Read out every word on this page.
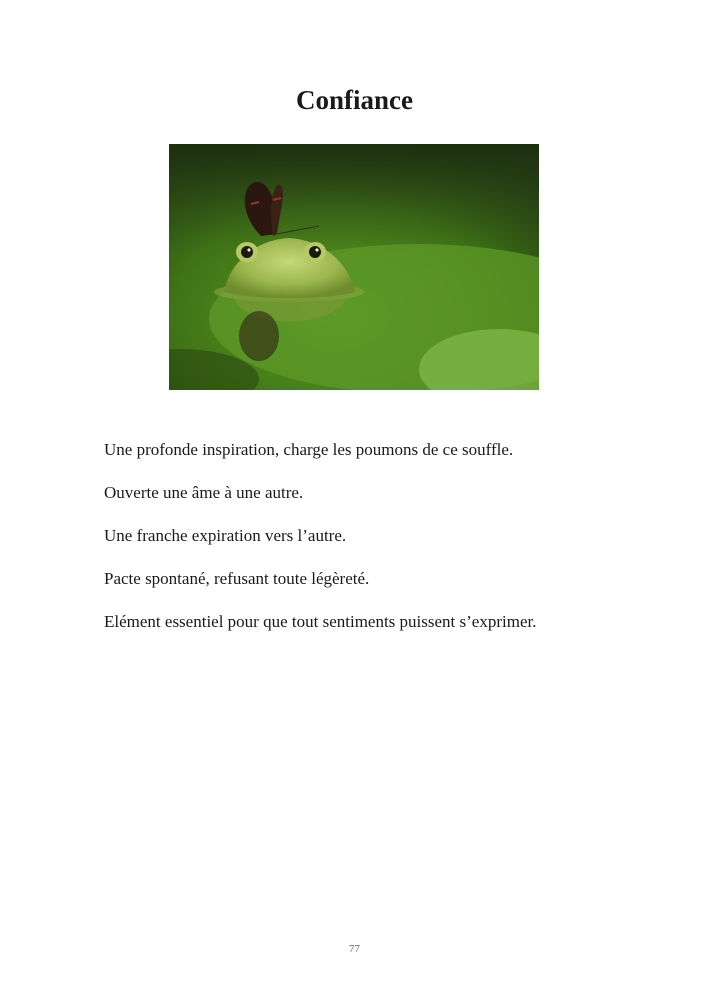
Confiance

Une profonde inspiration, charge les poumons de ce souffle.

Ouverte une âme à une autre.

Une franche expiration vers l’autre.

Pacte spontané, refusant toute légèreté.

Elément essentiel pour que tout sentiments puissent s’exprimer.

77
